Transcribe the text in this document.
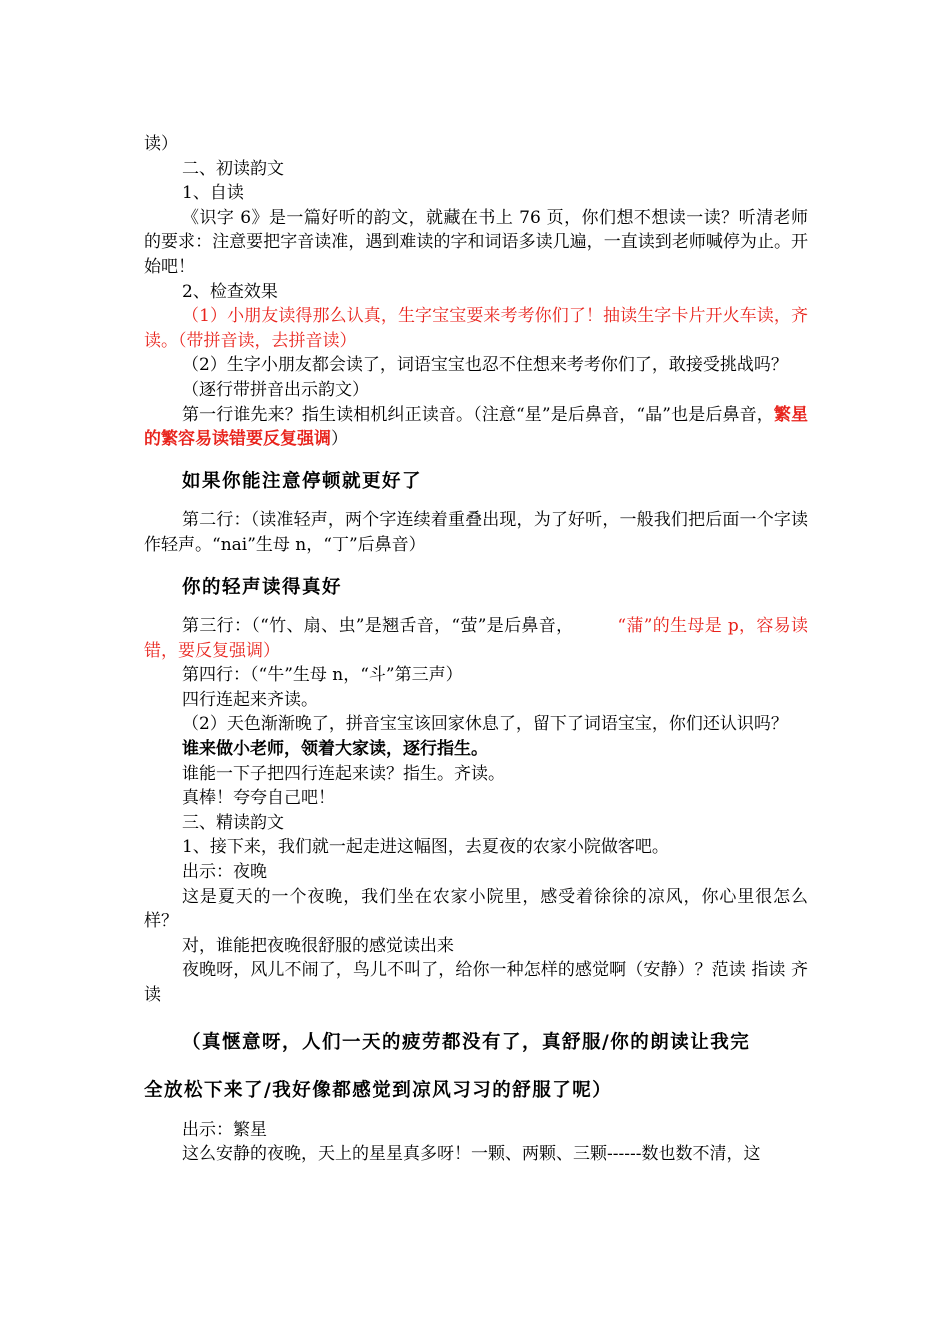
读）

二、初读韵文

1、自读

《识字 6》是一篇好听的韵文，就藏在书上 76 页，你们想不想读一读？听清老师的要求：注意要把字音读准，遇到难读的字和词语多读几遍，一直读到老师喊停为止。开始吧！

2、检查效果

（1）小朋友读得那么认真，生字宝宝要来考考你们了！抽读生字卡片开火车读，齐读。（带拼音读，去拼音读）

（2）生字小朋友都会读了，词语宝宝也忍不住想来考考你们了，敢接受挑战吗？

（逐行带拼音出示韵文）

第一行谁先来？指生读相机纠正读音。（注意“星”是后鼻音，“晶”也是后鼻音，繁星的繁容易读错要反复强调）

如果你能注意停顿就更好了

第二行：（读准轻声，两个字连续着重叠出现，为了好听，一般我们把后面一个字读作轻声。“nai”生母 n，“丁”后鼻音）

你的轻声读得真好

第三行：（“竹、扇、虫”是翘舌音，“萤”是后鼻音，	“蒲”的生母是 p，容易读错，要反复强调）

第四行：（“牛”生母 n，“斗”第三声）

四行连起来齐读。

（2）天色渐渐晚了，拼音宝宝该回家休息了，留下了词语宝宝，你们还认识吗？

谁来做小老师，领着大家读，逐行指生。

谁能一下子把四行连起来读？指生。齐读。

真棒！夸夸自己吧！

三、精读韵文

1、接下来，我们就一起走进这幅图，去夏夜的农家小院做客吧。

出示：夜晚

这是夏天的一个夜晚，我们坐在农家小院里，感受着徐徐的凉风，你心里很怎么样？

对，谁能把夜晚很舒服的感觉读出来

夜晚呀，风儿不闹了，鸟儿不叫了，给你一种怎样的感觉啊（安静）？范读 指读 齐读

（真惬意呀，人们一天的疲劳都没有了，真舒服/你的朗读让我完

全放松下来了/我好像都感觉到凉风习习的舒服了呢）

出示：繁星

这么安静的夜晚，天上的星星真多呀！一颗、两颗、三颗------数也数不清，这
